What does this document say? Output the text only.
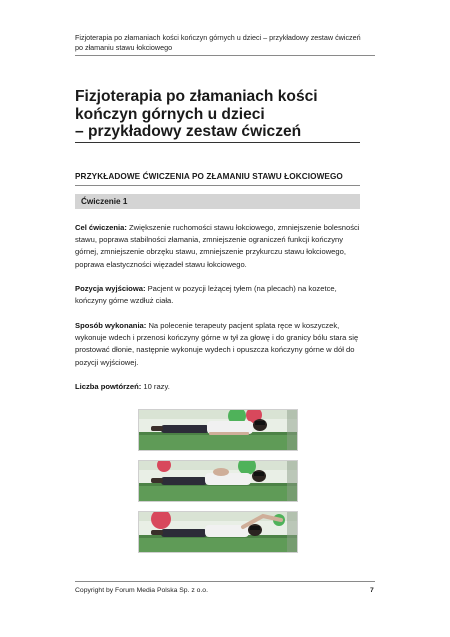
Fizjoterapia po złamaniach kości kończyn górnych u dzieci – przykładowy zestaw ćwiczeń
po złamaniu stawu łokciowego
Fizjoterapia po złamaniach kości
kończyn górnych u dzieci
– przykładowy zestaw ćwiczeń
PRZYKŁADOWE ĆWICZENIA PO ZŁAMANIU STAWU ŁOKCIOWEGO
Ćwiczenie 1

Cel ćwiczenia: Zwiększenie ruchomości stawu łokciowego, zmniejszenie bolesności stawu, poprawa stabilności złamania, zmniejszenie ograniczeń funkcji kończyny górnej, zmniejszenie obrzęku stawu, zmniejszenie przykurczu stawu łokciowego, poprawa elastyczności więzadeł stawu łokciowego.

Pozycja wyjściowa: Pacjent w pozycji leżącej tyłem (na plecach) na kozetce, kończyny górne wzdłuż ciała.

Sposób wykonania: Na polecenie terapeuty pacjent splata ręce w koszyczek, wykonuje wdech i przenosi kończyny górne w tył za głowę i do granicy bólu stara się prostować dłonie, następnie wykonuje wydech i opuszcza kończyny górne w dół do pozycji wyjściowej.

Liczba powtórzeń: 10 razy.

Copyright by Forum Media Polska Sp. z o.o.	7
